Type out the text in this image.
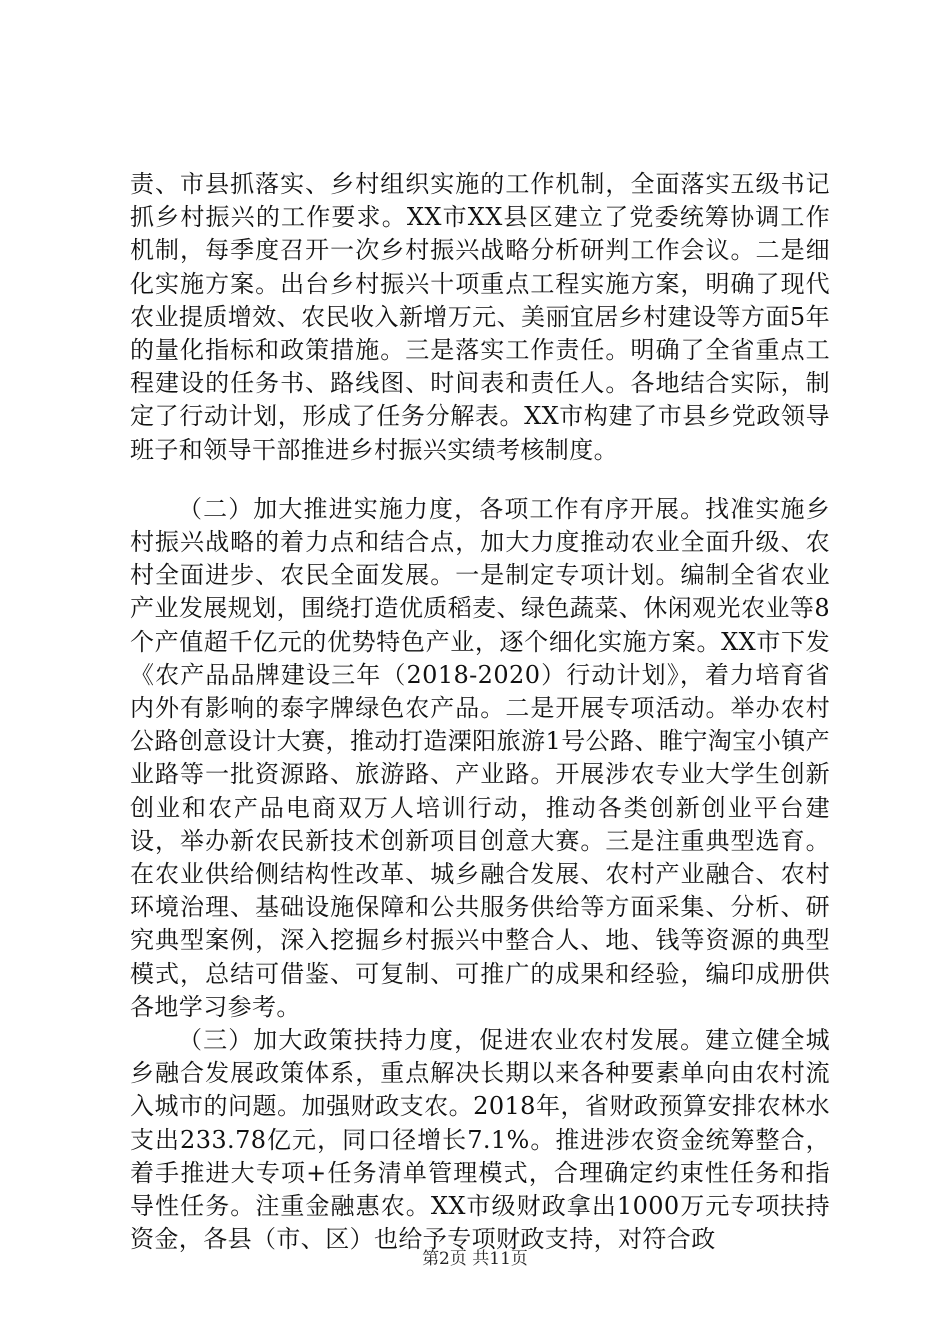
责、市县抓落实、乡村组织实施的工作机制，全面落实五级书记抓乡村振兴的工作要求。XX市XX县区建立了党委统筹协调工作机制，每季度召开一次乡村振兴战略分析研判工作会议。二是细化实施方案。出台乡村振兴十项重点工程实施方案，明确了现代农业提质增效、农民收入新增万元、美丽宜居乡村建设等方面5年的量化指标和政策措施。三是落实工作责任。明确了全省重点工程建设的任务书、路线图、时间表和责任人。各地结合实际，制定了行动计划，形成了任务分解表。XX市构建了市县乡党政领导班子和领导干部推进乡村振兴实绩考核制度。

（二）加大推进实施力度，各项工作有序开展。找准实施乡村振兴战略的着力点和结合点，加大力度推动农业全面升级、农村全面进步、农民全面发展。一是制定专项计划。编制全省农业产业发展规划，围绕打造优质稻麦、绿色蔬菜、休闲观光农业等8个产值超千亿元的优势特色产业，逐个细化实施方案。XX市下发《农产品品牌建设三年（2018-2020）行动计划》，着力培育省内外有影响的泰字牌绿色农产品。二是开展专项活动。举办农村公路创意设计大赛，推动打造溧阳旅游1号公路、睢宁淘宝小镇产业路等一批资源路、旅游路、产业路。开展涉农专业大学生创新创业和农产品电商双万人培训行动，推动各类创新创业平台建设，举办新农民新技术创新项目创意大赛。三是注重典型选育。在农业供给侧结构性改革、城乡融合发展、农村产业融合、农村环境治理、基础设施保障和公共服务供给等方面采集、分析、研究典型案例，深入挖掘乡村振兴中整合人、地、钱等资源的典型模式，总结可借鉴、可复制、可推广的成果和经验，编印成册供各地学习参考。

（三）加大政策扶持力度，促进农业农村发展。建立健全城乡融合发展政策体系，重点解决长期以来各种要素单向由农村流入城市的问题。加强财政支农。2018年，省财政预算安排农林水支出233.78亿元，同口径增长7.1%。推进涉农资金统筹整合，着手推进大专项+任务清单管理模式，合理确定约束性任务和指导性任务。注重金融惠农。XX市级财政拿出1000万元专项扶持资金，各县（市、区）也给予专项财政支持，对符合政

第2页 共11页
